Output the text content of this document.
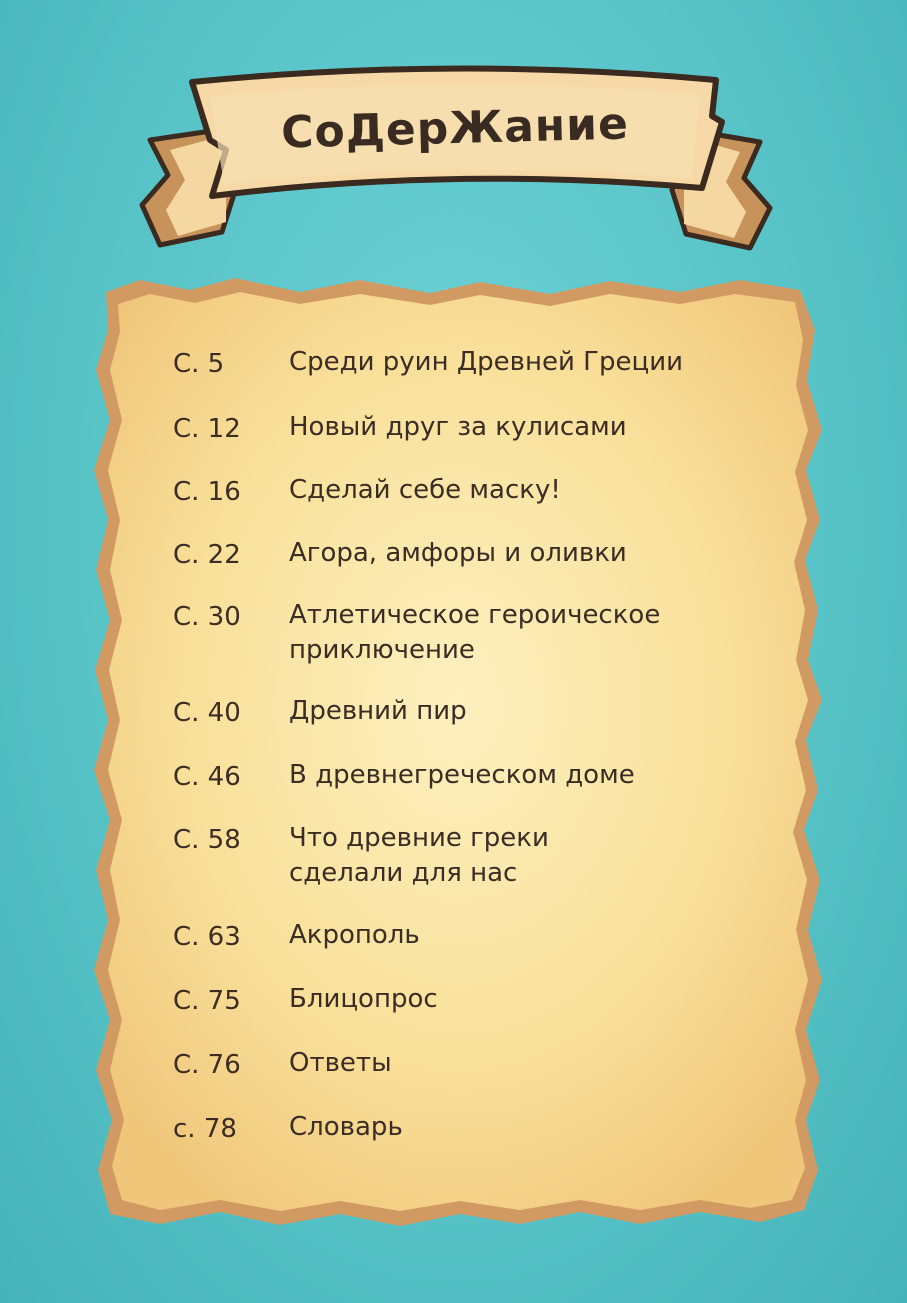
СоДерЖание
С. 5	Среди руин Древней Греции
С. 12	Новый друг за кулисами
С. 16	Сделай себе маску!
С. 22	Агора, амфоры и оливки
С. 30	Атлетическое героическое
приключение
С. 40	Древний пир
С. 46	В древнегреческом доме
С. 58	Что древние греки
сделали для нас
С. 63	Акрополь
С. 75	Блицопрос
С. 76	Ответы
с. 78	Словарь
